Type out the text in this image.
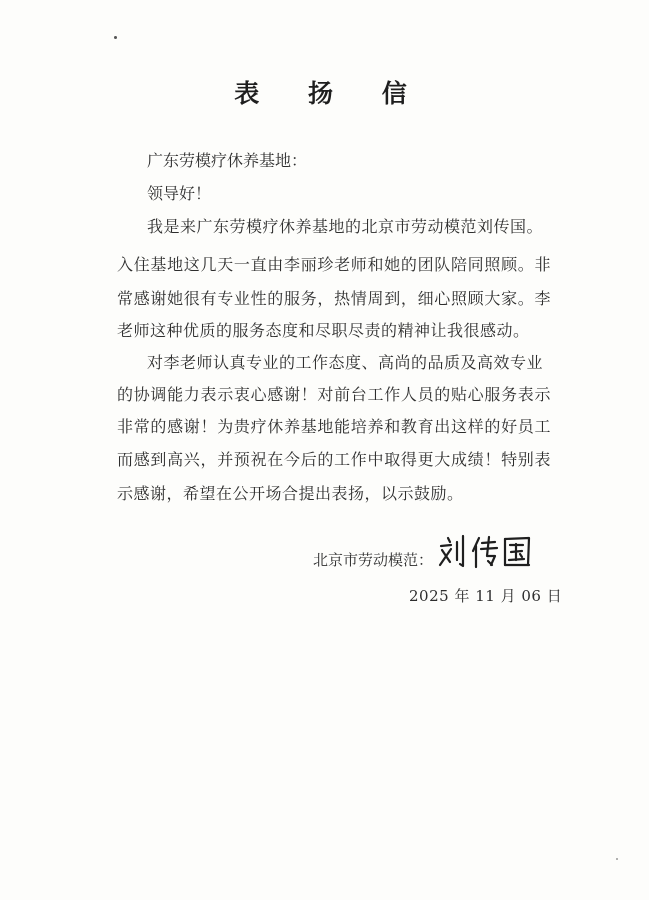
表 扬 信
广东劳模疗休养基地：
领导好！
我是来广东劳模疗休养基地的北京市劳动模范刘传国。
入住基地这几天一直由李丽珍老师和她的团队陪同照顾。非
常感谢她很有专业性的服务，热情周到，细心照顾大家。李
老师这种优质的服务态度和尽职尽责的精神让我很感动。
对李老师认真专业的工作态度、高尚的品质及高效专业
的协调能力表示衷心感谢！对前台工作人员的贴心服务表示
非常的感谢！为贵疗休养基地能培养和教育出这样的好员工
而感到高兴，并预祝在今后的工作中取得更大成绩！特别表
示感谢，希望在公开场合提出表扬，以示鼓励。
北京市劳动模范：
2025 年 11 月 06 日
